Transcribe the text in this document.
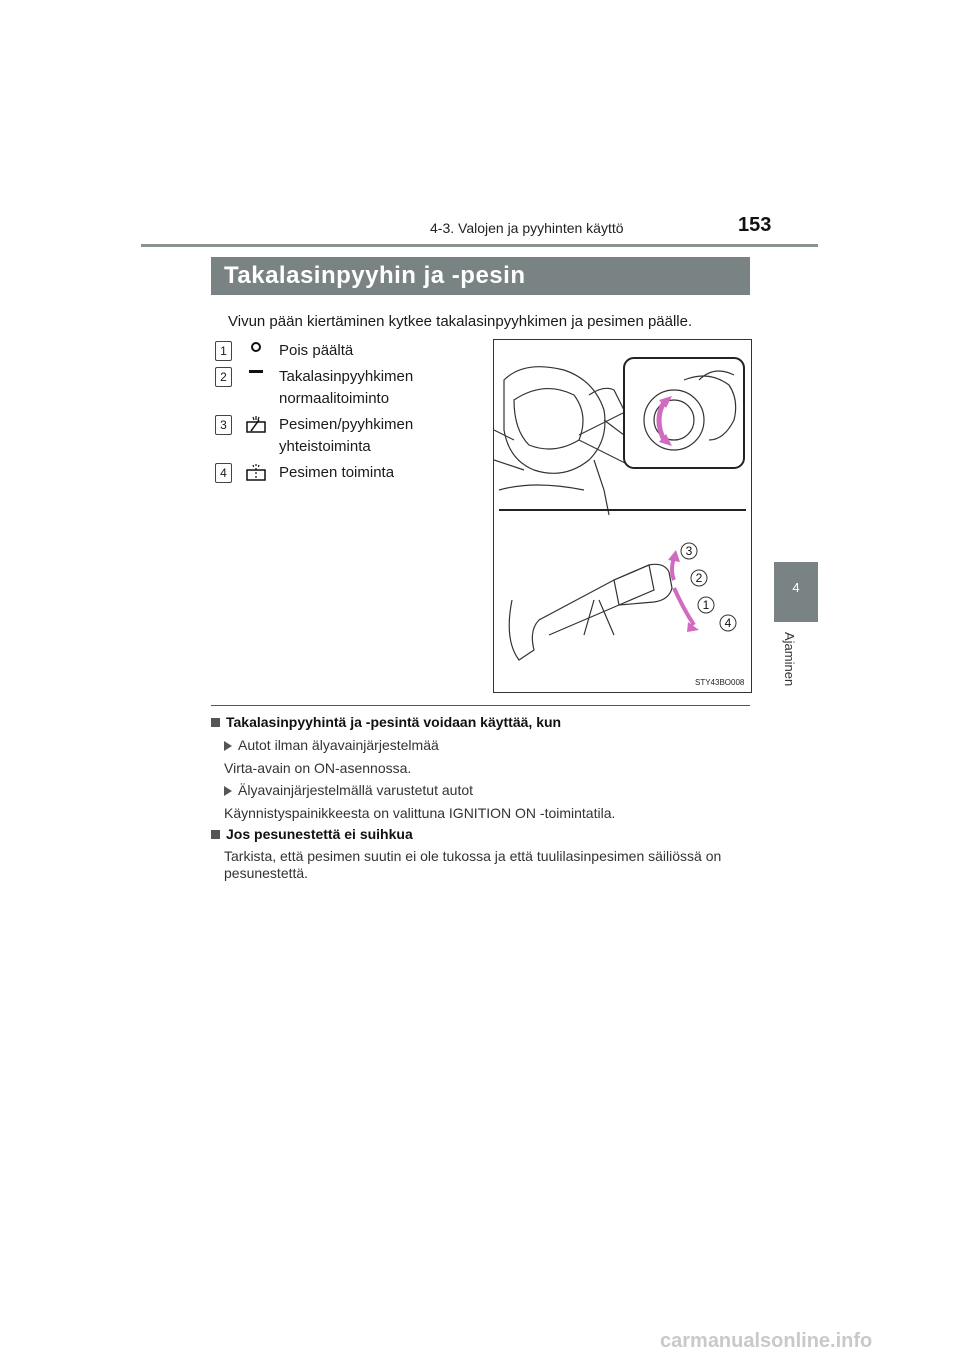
4-3. Valojen ja pyyhinten käyttö	153
4
Ajaminen
Takalasinpyyhin ja -pesin
Vivun pään kiertäminen kytkee takalasinpyyhkimen ja pesimen päälle.
1	Pois päältä
2	Takalasinpyyhkimen normaalitoiminto
3	Pesimen/pyyhkimen yhteistoiminta
4	Pesimen toiminta
3
2
1
4
STY43BO008
Takalasinpyyhintä ja -pesintä voidaan käyttää, kun
Autot ilman älyavainjärjestelmää
Virta-avain on ON-asennossa.
Älyavainjärjestelmällä varustetut autot
Käynnistyspainikkeesta on valittuna IGNITION ON -toimintatila.
Jos pesunestettä ei suihkua
Tarkista, että pesimen suutin ei ole tukossa ja että tuulilasinpesimen säiliössä on pesunestettä.
carmanualsonline.info
